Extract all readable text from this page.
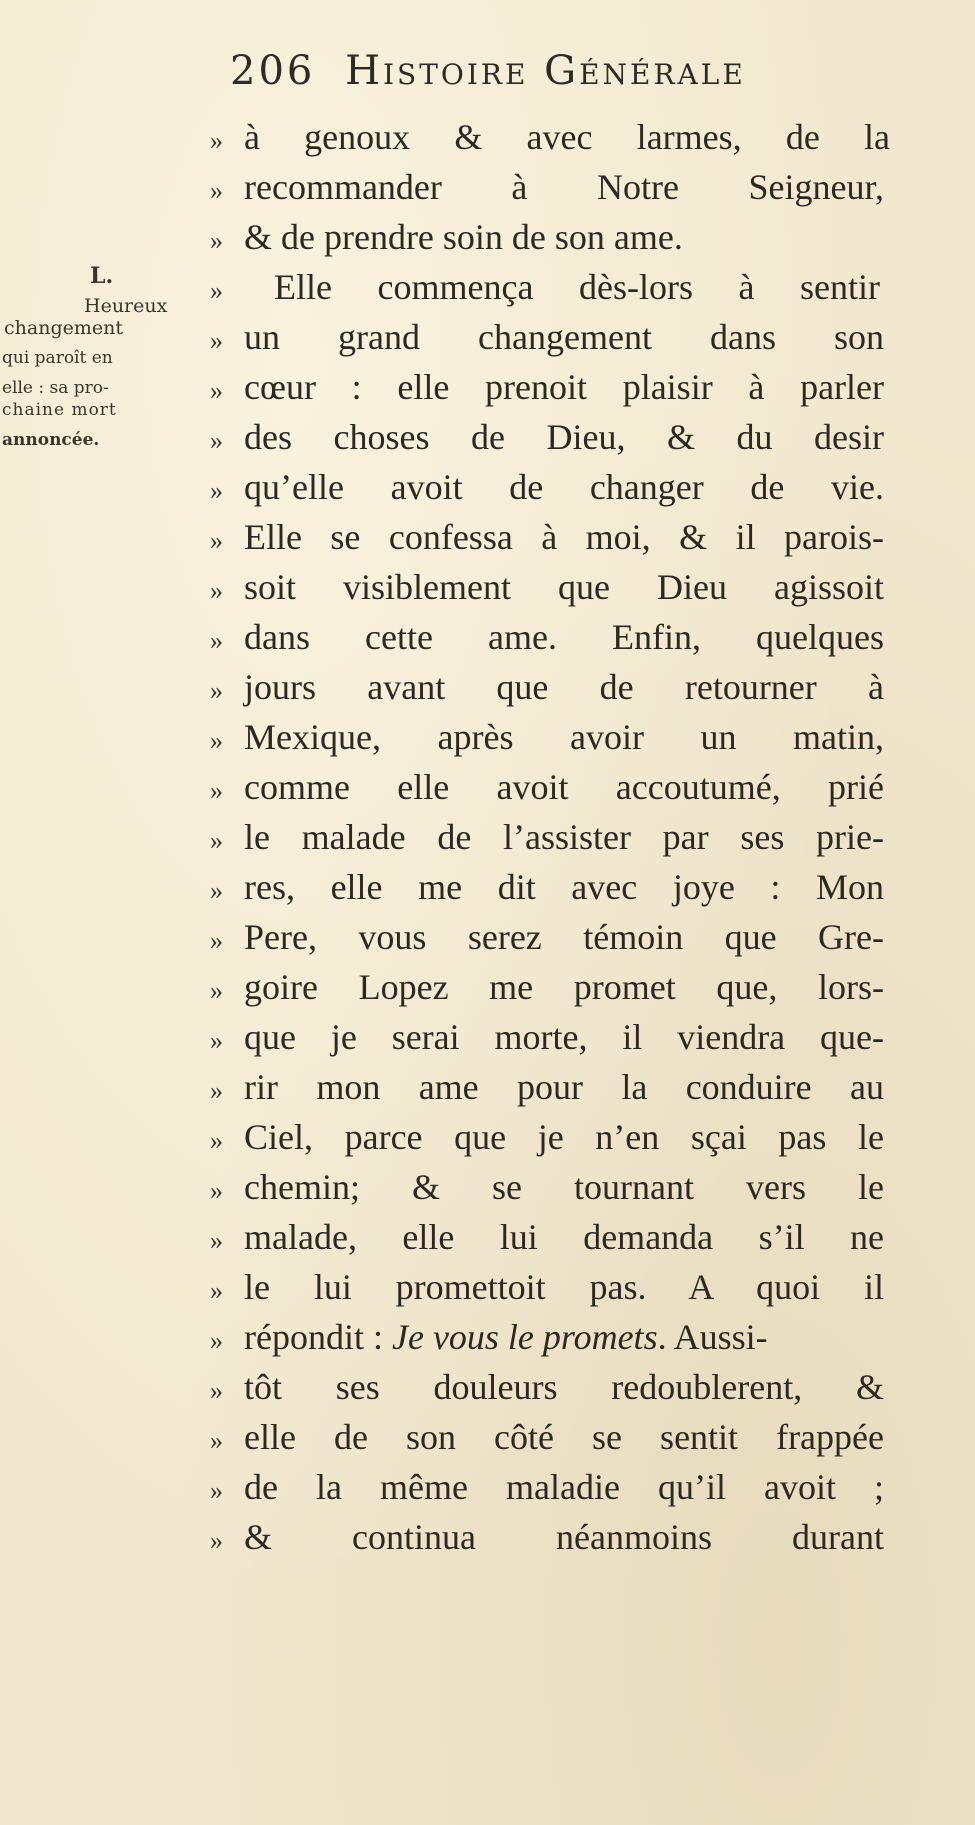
206 Histoire Générale
L.
Heureux
changement
qui paroît en
elle : sa pro-
chaine mort
annoncée.
» à genoux & avec larmes, de la
» recommander à Notre Seigneur,
» & de prendre soin de son ame.
» Elle commença dès-lors à sentir
» un grand changement dans son
» cœur : elle prenoit plaisir à parler
» des choses de Dieu, & du desir
» qu’elle avoit de changer de vie.
» Elle se confessa à moi, & il parois-
» soit visiblement que Dieu agissoit
» dans cette ame. Enfin, quelques
» jours avant que de retourner à
» Mexique, après avoir un matin,
» comme elle avoit accoutumé, prié
» le malade de l’assister par ses prie-
» res, elle me dit avec joye : Mon
» Pere, vous serez témoin que Gre-
» goire Lopez me promet que, lors-
» que je serai morte, il viendra que-
» rir mon ame pour la conduire au
» Ciel, parce que je n’en sçai pas le
» chemin; & se tournant vers le
» malade, elle lui demanda s’il ne
» le lui promettoit pas. A quoi il
» répondit : Je vous le promets. Aussi-
» tôt ses douleurs redoublerent, &
» elle de son côté se sentit frappée
» de la même maladie qu’il avoit ;
» & continua néanmoins durant
